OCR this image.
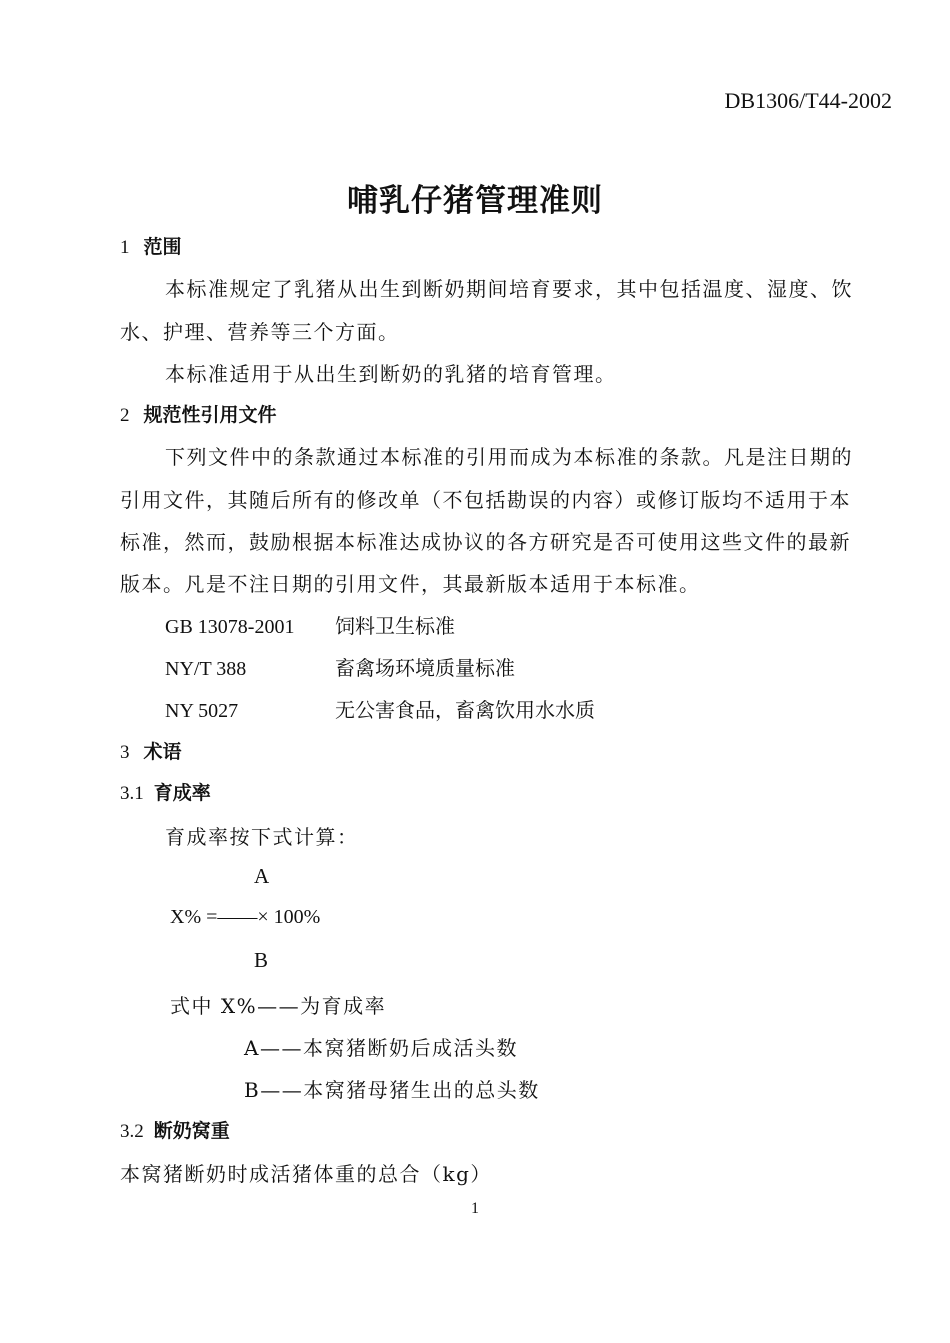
DB1306/T44-2002
哺乳仔猪管理准则
1 范围
本标准规定了乳猪从出生到断奶期间培育要求，其中包括温度、湿度、饮
水、护理、营养等三个方面。
本标准适用于从出生到断奶的乳猪的培育管理。
2 规范性引用文件
下列文件中的条款通过本标准的引用而成为本标准的条款。凡是注日期的
引用文件，其随后所有的修改单（不包括勘误的内容）或修订版均不适用于本
标准，然而，鼓励根据本标准达成协议的各方研究是否可使用这些文件的最新
版本。凡是不注日期的引用文件，其最新版本适用于本标准。
GB 13078-2001 饲料卫生标准
NY/T 388	畜禽场环境质量标准
NY 5027	无公害食品，畜禽饮用水水质
3 术语
3.1 育成率
育成率按下式计算：
A
X% =——× 100%
B
式中 X%——为育成率
A——本窝猪断奶后成活头数
B——本窝猪母猪生出的总头数
3.2 断奶窝重
本窝猪断奶时成活猪体重的总合（kg）
1
